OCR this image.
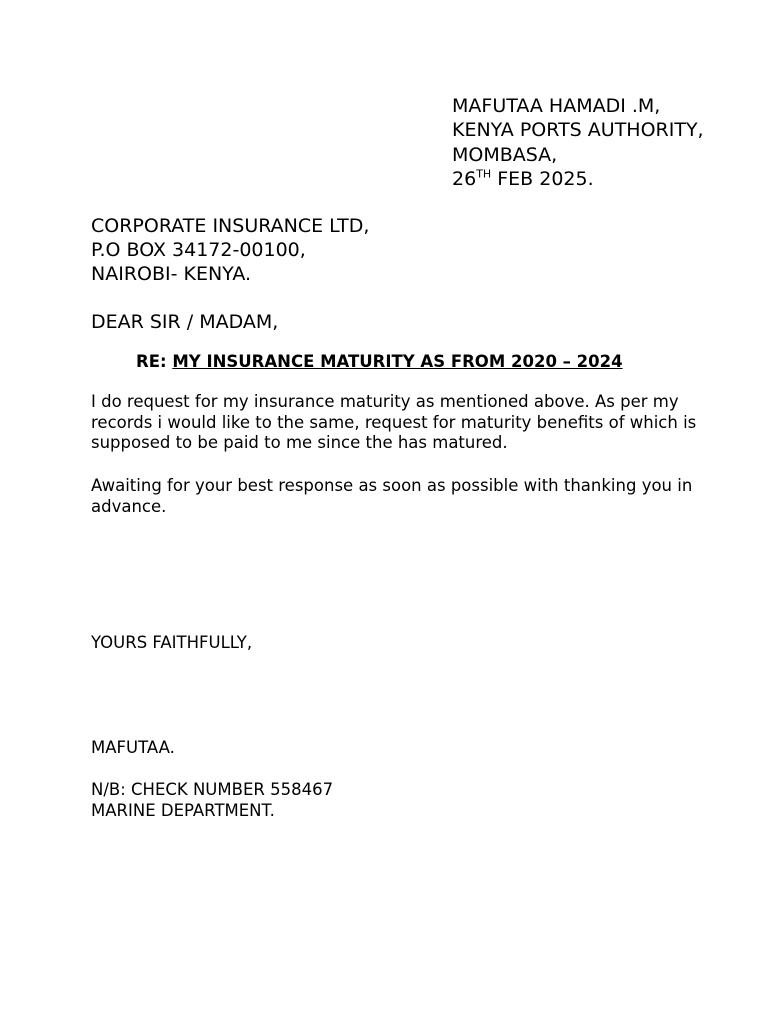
MAFUTAA HAMADI .M,
KENYA PORTS AUTHORITY,
MOMBASA,
26TH FEB 2025.
CORPORATE INSURANCE LTD,
P.O BOX 34172-00100,
NAIROBI- KENYA.
DEAR SIR / MADAM,
RE: MY INSURANCE MATURITY AS FROM 2020 – 2024
I do request for my insurance maturity as mentioned above. As per my records i would like to the same, request for maturity benefits of which is supposed to be paid to me since the has matured.
Awaiting for your best response as soon as possible with thanking you in advance.
YOURS FAITHFULLY,
MAFUTAA.
N/B: CHECK NUMBER 558467
MARINE DEPARTMENT.
